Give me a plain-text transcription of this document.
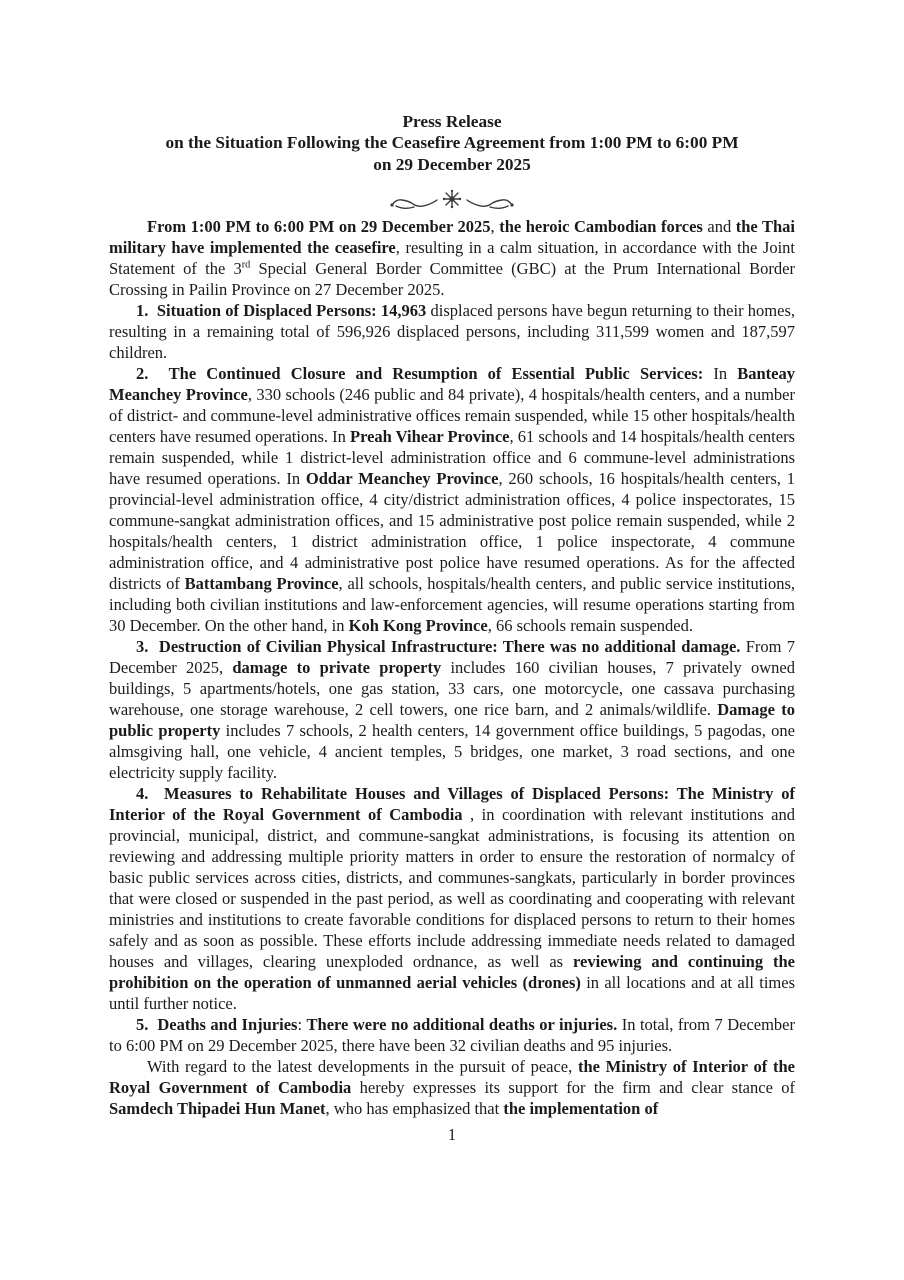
Press Release
on the Situation Following the Ceasefire Agreement from 1:00 PM to 6:00 PM
on 29 December 2025

From 1:00 PM to 6:00 PM on 29 December 2025, the heroic Cambodian forces and the Thai military have implemented the ceasefire, resulting in a calm situation, in accordance with the Joint Statement of the 3rd Special General Border Committee (GBC) at the Prum International Border Crossing in Pailin Province on 27 December 2025.

1.  Situation of Displaced Persons: 14,963 displaced persons have begun returning to their homes, resulting in a remaining total of 596,926 displaced persons, including 311,599 women and 187,597 children.

2.  The Continued Closure and Resumption of Essential Public Services: In Banteay Meanchey Province, 330 schools (246 public and 84 private), 4 hospitals/health centers, and a number of district- and commune-level administrative offices remain suspended, while 15 other hospitals/health centers have resumed operations. In Preah Vihear Province, 61 schools and 14 hospitals/health centers remain suspended, while 1 district-level administration office and 6 commune-level administrations have resumed operations. In Oddar Meanchey Province, 260 schools, 16 hospitals/health centers, 1 provincial-level administration office, 4 city/district administration offices, 4 police inspectorates, 15 commune-sangkat administration offices, and 15 administrative post police remain suspended, while 2 hospitals/health centers, 1 district administration office, 1 police inspectorate, 4 commune administration office, and 4 administrative post police have resumed operations. As for the affected districts of Battambang Province, all schools, hospitals/health centers, and public service institutions, including both civilian institutions and law-enforcement agencies, will resume operations starting from 30 December. On the other hand, in Koh Kong Province, 66 schools remain suspended.

3.  Destruction of Civilian Physical Infrastructure: There was no additional damage. From 7 December 2025, damage to private property includes 160 civilian houses, 7 privately owned buildings, 5 apartments/hotels, one gas station, 33 cars, one motorcycle, one cassava purchasing warehouse, one storage warehouse, 2 cell towers, one rice barn, and 2 animals/wildlife. Damage to public property includes 7 schools, 2 health centers, 14 government office buildings, 5 pagodas, one almsgiving hall, one vehicle, 4 ancient temples, 5 bridges, one market, 3 road sections, and one electricity supply facility.

4.  Measures to Rehabilitate Houses and Villages of Displaced Persons: The Ministry of Interior of the Royal Government of Cambodia , in coordination with relevant institutions and provincial, municipal, district, and commune-sangkat administrations, is focusing its attention on reviewing and addressing multiple priority matters in order to ensure the restoration of normalcy of basic public services across cities, districts, and communes-sangkats, particularly in border provinces that were closed or suspended in the past period, as well as coordinating and cooperating with relevant ministries and institutions to create favorable conditions for displaced persons to return to their homes safely and as soon as possible. These efforts include addressing immediate needs related to damaged houses and villages, clearing unexploded ordnance, as well as reviewing and continuing the prohibition on the operation of unmanned aerial vehicles (drones) in all locations and at all times until further notice.

5.  Deaths and Injuries: There were no additional deaths or injuries. In total, from 7 December to 6:00 PM on 29 December 2025, there have been 32 civilian deaths and 95 injuries.

With regard to the latest developments in the pursuit of peace, the Ministry of Interior of the Royal Government of Cambodia hereby expresses its support for the firm and clear stance of Samdech Thipadei Hun Manet, who has emphasized that the implementation of

1
